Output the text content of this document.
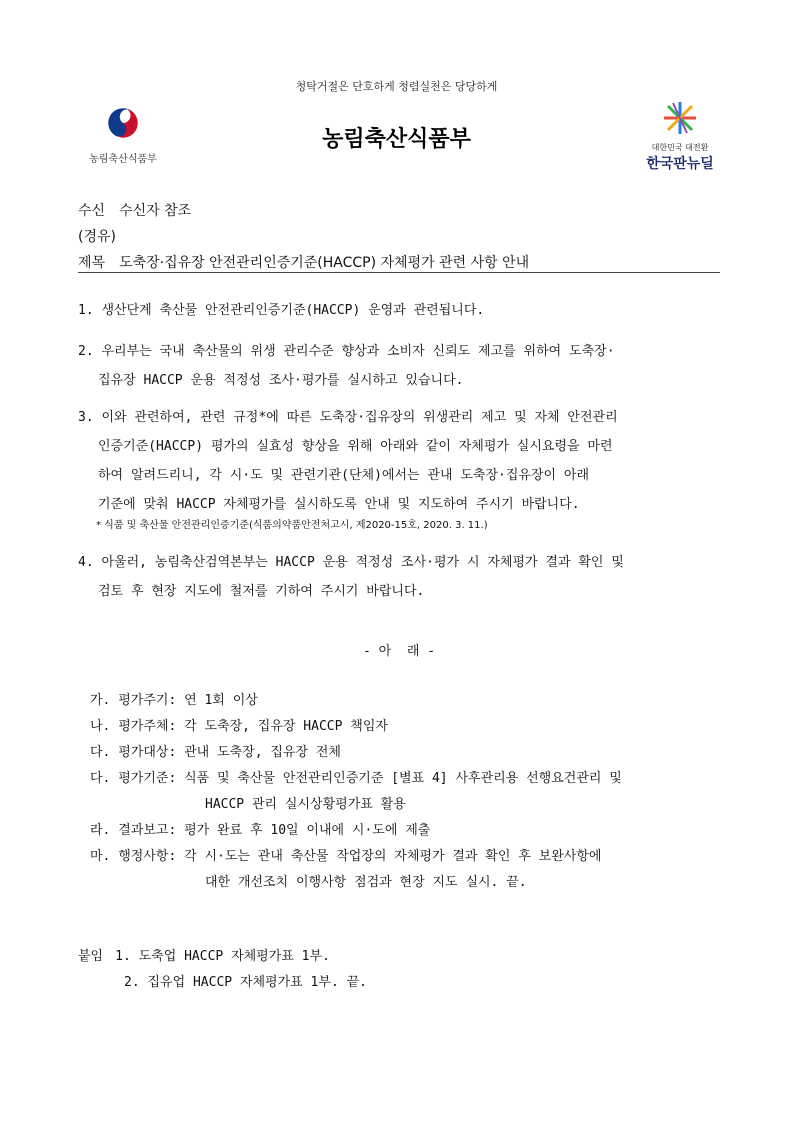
청탁거절은 단호하게 청렴실천은 당당하게
농림축산식품부
농림축산식품부	대한민국 대전환
한국판뉴딜
수신 수신자 참조
(경유)
제목 도축장·집유장 안전관리인증기준(HACCP) 자체평가 관련 사항 안내
1. 생산단계 축산물 안전관리인증기준(HACCP) 운영과 관련됩니다.
2. 우리부는 국내 축산물의 위생 관리수준 향상과 소비자 신뢰도 제고를 위하여 도축장·
집유장 HACCP 운용 적정성 조사·평가를 실시하고 있습니다.
3. 이와 관련하여, 관련 규정*에 따른 도축장·집유장의 위생관리 제고 및 자체 안전관리
인증기준(HACCP) 평가의 실효성 향상을 위해 아래와 같이 자체평가 실시요령을 마련
하여 알려드리니, 각 시·도 및 관련기관(단체)에서는 관내 도축장·집유장이 아래
기준에 맞춰 HACCP 자체평가를 실시하도록 안내 및 지도하여 주시기 바랍니다.
* 식품 및 축산물 안전관리인증기준(식품의약품안전처고시, 제2020-15호, 2020. 3. 11.)
4. 아울러, 농림축산검역본부는 HACCP 운용 적정성 조사·평가 시 자체평가 결과 확인 및
검토 후 현장 지도에 철저를 기하여 주시기 바랍니다.
- 아  래 -
가. 평가주기: 연 1회 이상
나. 평가주체: 각 도축장, 집유장 HACCP 책임자
다. 평가대상: 관내 도축장, 집유장 전체
다. 평가기준: 식품 및 축산물 안전관리인증기준 [별표 4] 사후관리용 선행요건관리 및
HACCP 관리 실시상황평가표 활용
라. 결과보고: 평가 완료 후 10일 이내에 시·도에 제출
마. 행정사항: 각 시·도는 관내 축산물 작업장의 자체평가 결과 확인 후 보완사항에
대한 개선조치 이행사항 점검과 현장 지도 실시. 끝.
붙임 1. 도축업 HACCP 자체평가표 1부.
2. 집유업 HACCP 자체평가표 1부. 끝.
